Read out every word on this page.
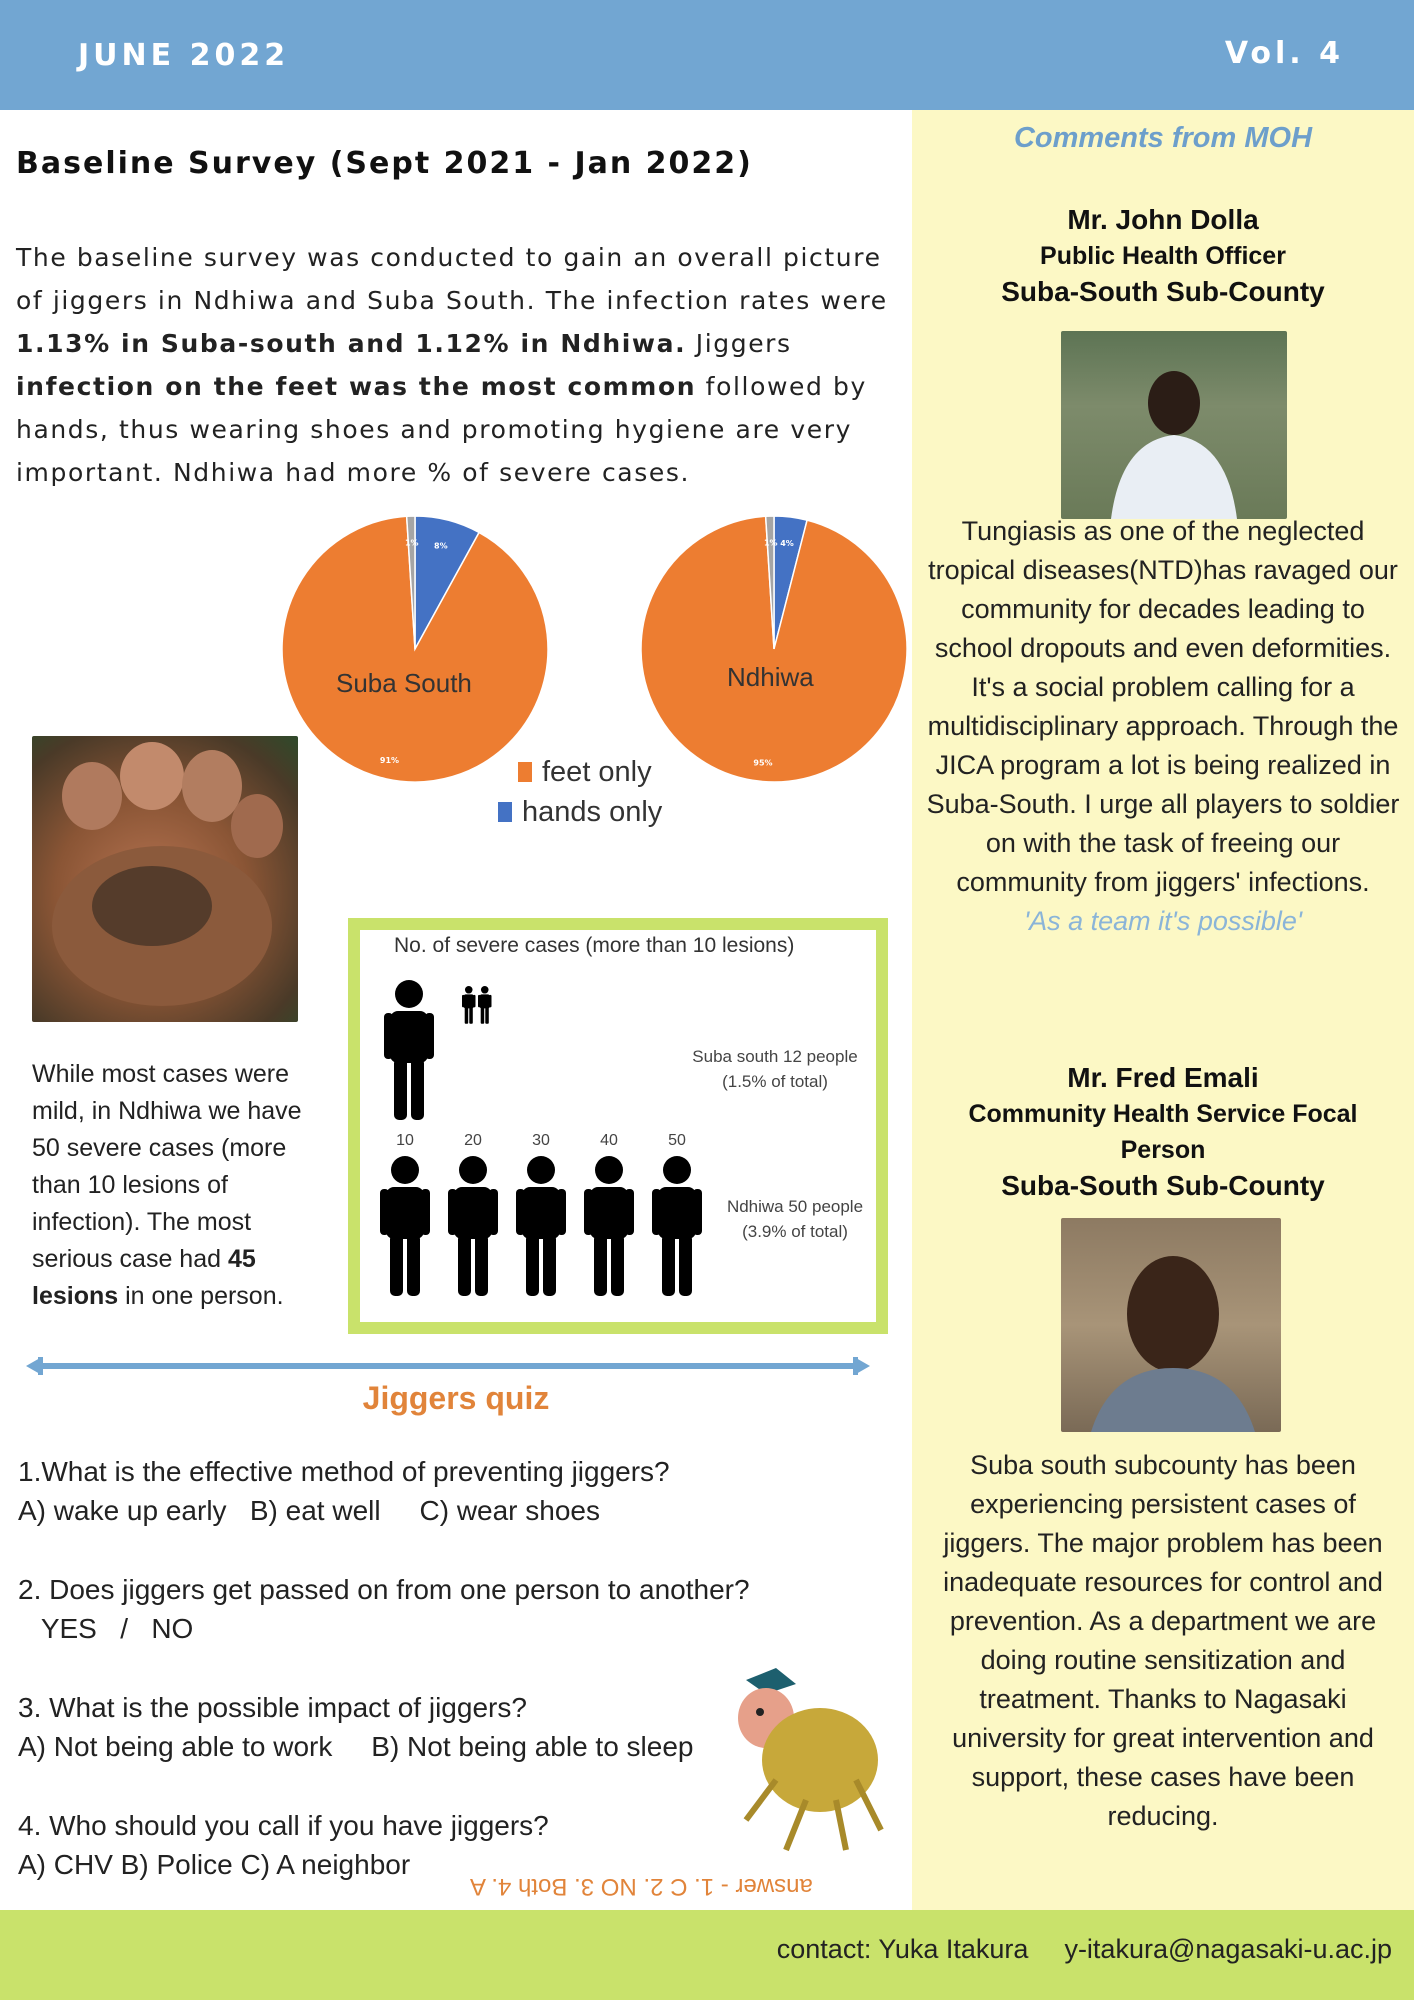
JUNE 2022	Vol. 4
Baseline Survey (Sept 2021 - Jan 2022)
The baseline survey was conducted to gain an overall picture of jiggers in Ndhiwa and Suba South. The infection rates were 1.13% in Suba-south and 1.12% in Ndhiwa. Jiggers infection on the feet was the most common followed by hands, thus wearing shoes and promoting hygiene are very important. Ndhiwa had more % of severe cases.
8%
91%
1%
Suba South
4%
95%
1%
Ndhiwa
feet only
hands only
While most cases were mild, in Ndhiwa we have 50 severe cases (more than 10 lesions of infection). The most serious case had 45 lesions in one person.
No. of severe cases (more than 10 lesions)
10	20	30	40	50
Suba south 12 people
(1.5% of total)
Ndhiwa 50 people
(3.9% of total)
Jiggers quiz
1.What is the effective method of preventing jiggers?
A) wake up early   B) eat well     C) wear shoes
2. Does jiggers get passed on from one person to another?
YES   /   NO
3. What is the possible impact of jiggers?
A) Not being able to work     B) Not being able to sleep
4. Who should you call if you have jiggers?
A) CHV B) Police C) A neighbor
answer - 1. C 2. NO 3. Both 4. A
Comments from MOH
Mr. John Dolla
Public Health Officer
Suba-South Sub-County
Tungiasis as one of the neglected tropical diseases(NTD)has ravaged our community for decades leading to school dropouts and even deformities. It's a social problem calling for a multidisciplinary approach. Through the JICA program a lot is being realized in Suba-South. I urge all players to soldier on with the task of freeing our community from jiggers' infections.
'As a team it's possible'
Mr. Fred Emali
Community Health Service Focal Person
Suba-South Sub-County
Suba south subcounty has been experiencing persistent cases of jiggers. The major problem has been inadequate resources for control and prevention. As a department we are doing routine sensitization and treatment. Thanks to Nagasaki university for great intervention and support, these cases have been reducing.
contact: Yuka Itakura y-itakura@nagasaki-u.ac.jp
